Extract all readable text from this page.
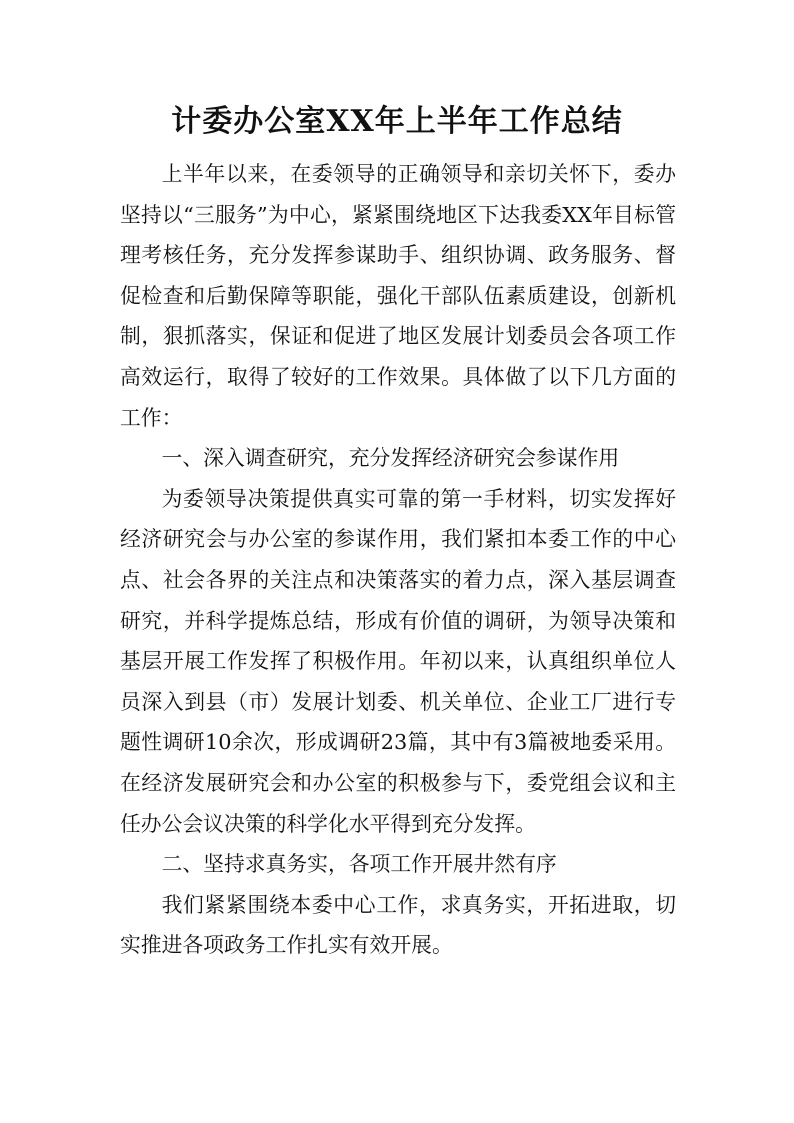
计委办公室XX年上半年工作总结

上半年以来，在委领导的正确领导和亲切关怀下，委办坚持以“三服务”为中心，紧紧围绕地区下达我委XX年目标管理考核任务，充分发挥参谋助手、组织协调、政务服务、督促检查和后勤保障等职能，强化干部队伍素质建设，创新机制，狠抓落实，保证和促进了地区发展计划委员会各项工作高效运行，取得了较好的工作效果。具体做了以下几方面的工作：

一、深入调查研究，充分发挥经济研究会参谋作用

为委领导决策提供真实可靠的第一手材料，切实发挥好经济研究会与办公室的参谋作用，我们紧扣本委工作的中心点、社会各界的关注点和决策落实的着力点，深入基层调查研究，并科学提炼总结，形成有价值的调研，为领导决策和基层开展工作发挥了积极作用。年初以来，认真组织单位人员深入到县（市）发展计划委、机关单位、企业工厂进行专题性调研10余次，形成调研23篇，其中有3篇被地委采用。在经济发展研究会和办公室的积极参与下，委党组会议和主任办公会议决策的科学化水平得到充分发挥。

二、坚持求真务实，各项工作开展井然有序

我们紧紧围绕本委中心工作，求真务实，开拓进取，切实推进各项政务工作扎实有效开展。
